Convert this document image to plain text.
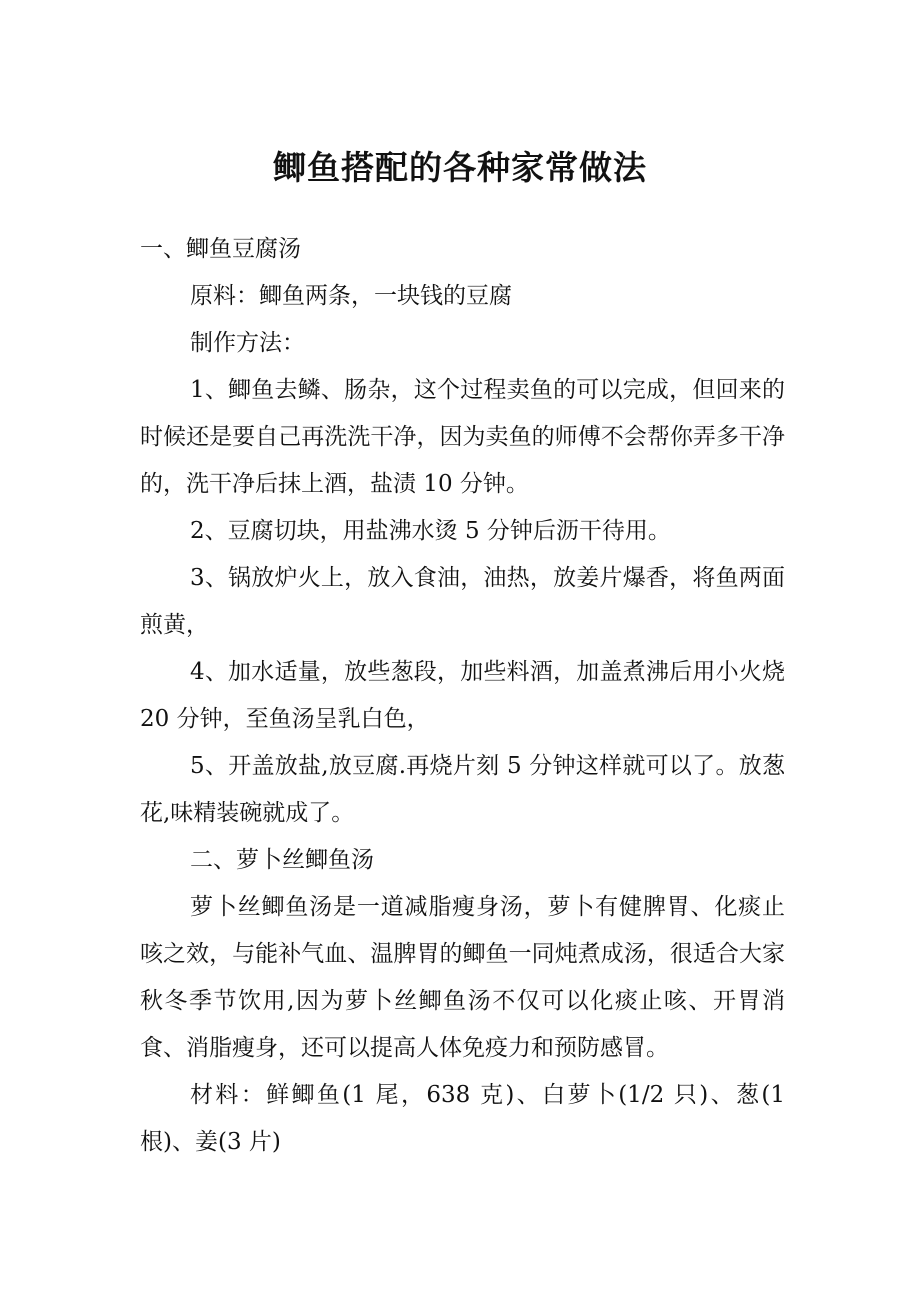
鲫鱼搭配的各种家常做法

一、鲫鱼豆腐汤

原料：鲫鱼两条，一块钱的豆腐

制作方法：

1、鲫鱼去鳞、肠杂，这个过程卖鱼的可以完成，但回来的时候还是要自己再洗洗干净，因为卖鱼的师傅不会帮你弄多干净的，洗干净后抹上酒，盐渍 10 分钟。

2、豆腐切块，用盐沸水烫 5 分钟后沥干待用。

3、锅放炉火上，放入食油，油热，放姜片爆香，将鱼两面煎黄，

4、加水适量，放些葱段，加些料酒，加盖煮沸后用小火烧 20 分钟，至鱼汤呈乳白色，

5、开盖放盐,放豆腐.再烧片刻 5 分钟这样就可以了。放葱花,味精装碗就成了。

二、萝卜丝鲫鱼汤

萝卜丝鲫鱼汤是一道减脂瘦身汤，萝卜有健脾胃、化痰止咳之效，与能补气血、温脾胃的鲫鱼一同炖煮成汤，很适合大家秋冬季节饮用,因为萝卜丝鲫鱼汤不仅可以化痰止咳、开胃消食、消脂瘦身，还可以提高人体免疫力和预防感冒。

材料：鲜鲫鱼(1 尾，638 克)、白萝卜(1/2 只)、葱(1根)、姜(3 片)
